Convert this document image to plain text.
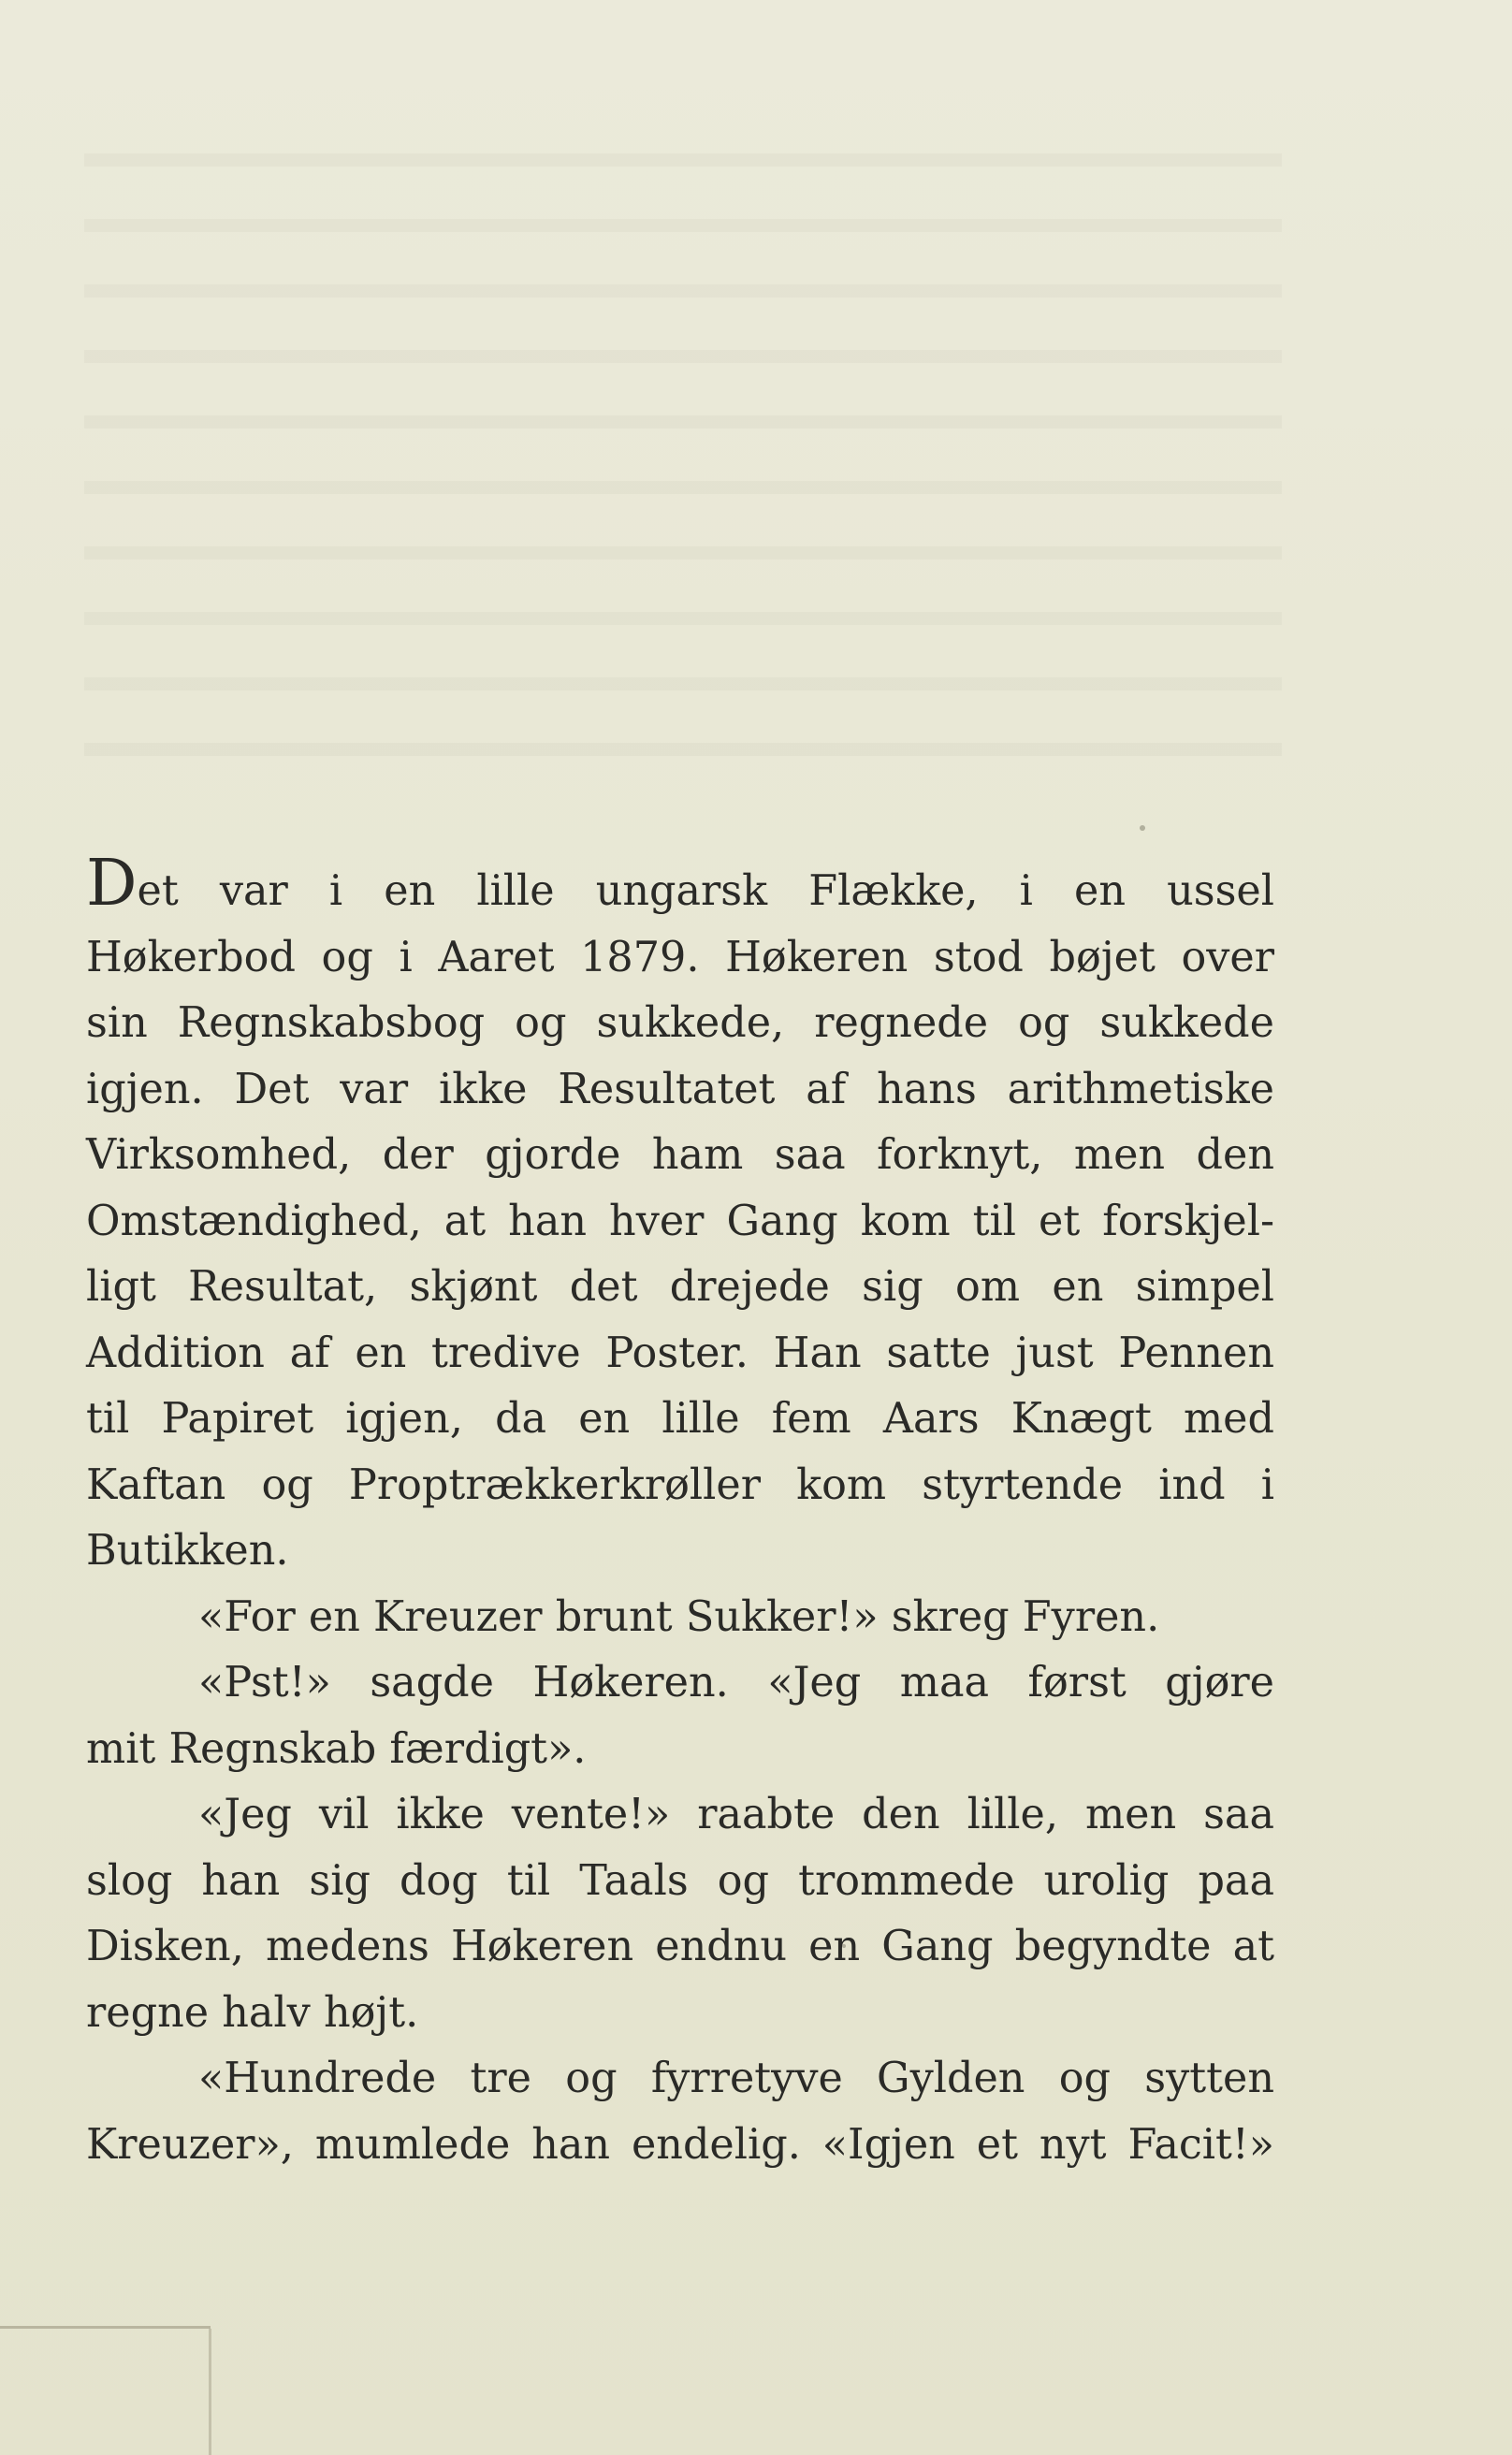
Det var i en lille ungarsk Flække, i en ussel
Høkerbod og i Aaret 1879. Høkeren stod bøjet over
sin Regnskabsbog og sukkede, regnede og sukkede
igjen. Det var ikke Resultatet af hans arithmetiske
Virksomhed, der gjorde ham saa forknyt, men den
Omstændighed, at han hver Gang kom til et forskjel-
ligt Resultat, skjønt det drejede sig om en simpel
Addition af en tredive Poster. Han satte just Pennen
til Papiret igjen, da en lille fem Aars Knægt med
Kaftan og Proptrækkerkrøller kom styrtende ind i
Butikken.
«For en Kreuzer brunt Sukker!» skreg Fyren.
«Pst!» sagde Høkeren. «Jeg maa først gjøre
mit Regnskab færdigt».
«Jeg vil ikke vente!» raabte den lille, men saa
slog han sig dog til Taals og trommede urolig paa
Disken, medens Høkeren endnu en Gang begyndte at
regne halv højt.
«Hundrede tre og fyrretyve Gylden og sytten
Kreuzer», mumlede han endelig. «Igjen et nyt Facit!»
